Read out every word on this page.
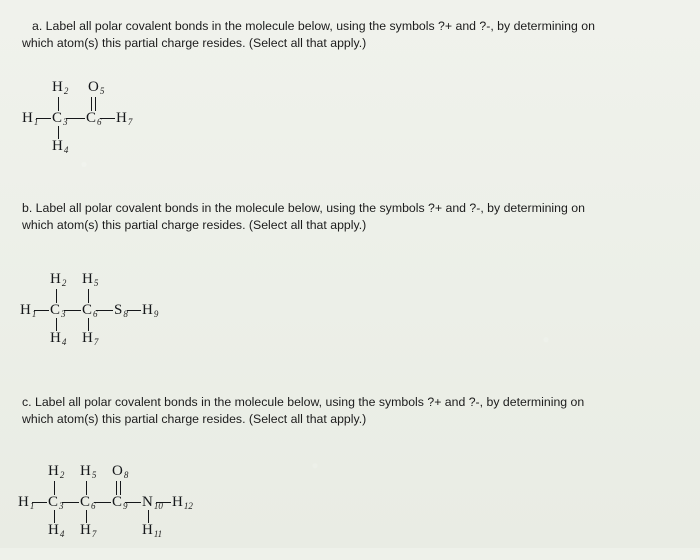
a. Label all polar covalent bonds in the molecule below, using the symbols ?+ and ?-, by determining on
which atom(s) this partial charge resides. (Select all that apply.)
$H_2$ $O_5$
$H_1$ $C_3$ $C_6$ $H_7$
$H_4$
b. Label all polar covalent bonds in the molecule below, using the symbols ?+ and ?-, by determining on
which atom(s) this partial charge resides. (Select all that apply.)
$H_2$ $H_5$
$H_1$ $C_3$ $C_6$ $S_8$ $H_9$
$H_4$ $H_7$
c. Label all polar covalent bonds in the molecule below, using the symbols ?+ and ?-, by determining on
which atom(s) this partial charge resides. (Select all that apply.)
$H_2$ $H_5$ $O_8$
$H_1$ $C_3$ $C_6$ $C_9$ $N_{10}$ $H_{12}$
$H_4$ $H_7$	$H_{11}$
